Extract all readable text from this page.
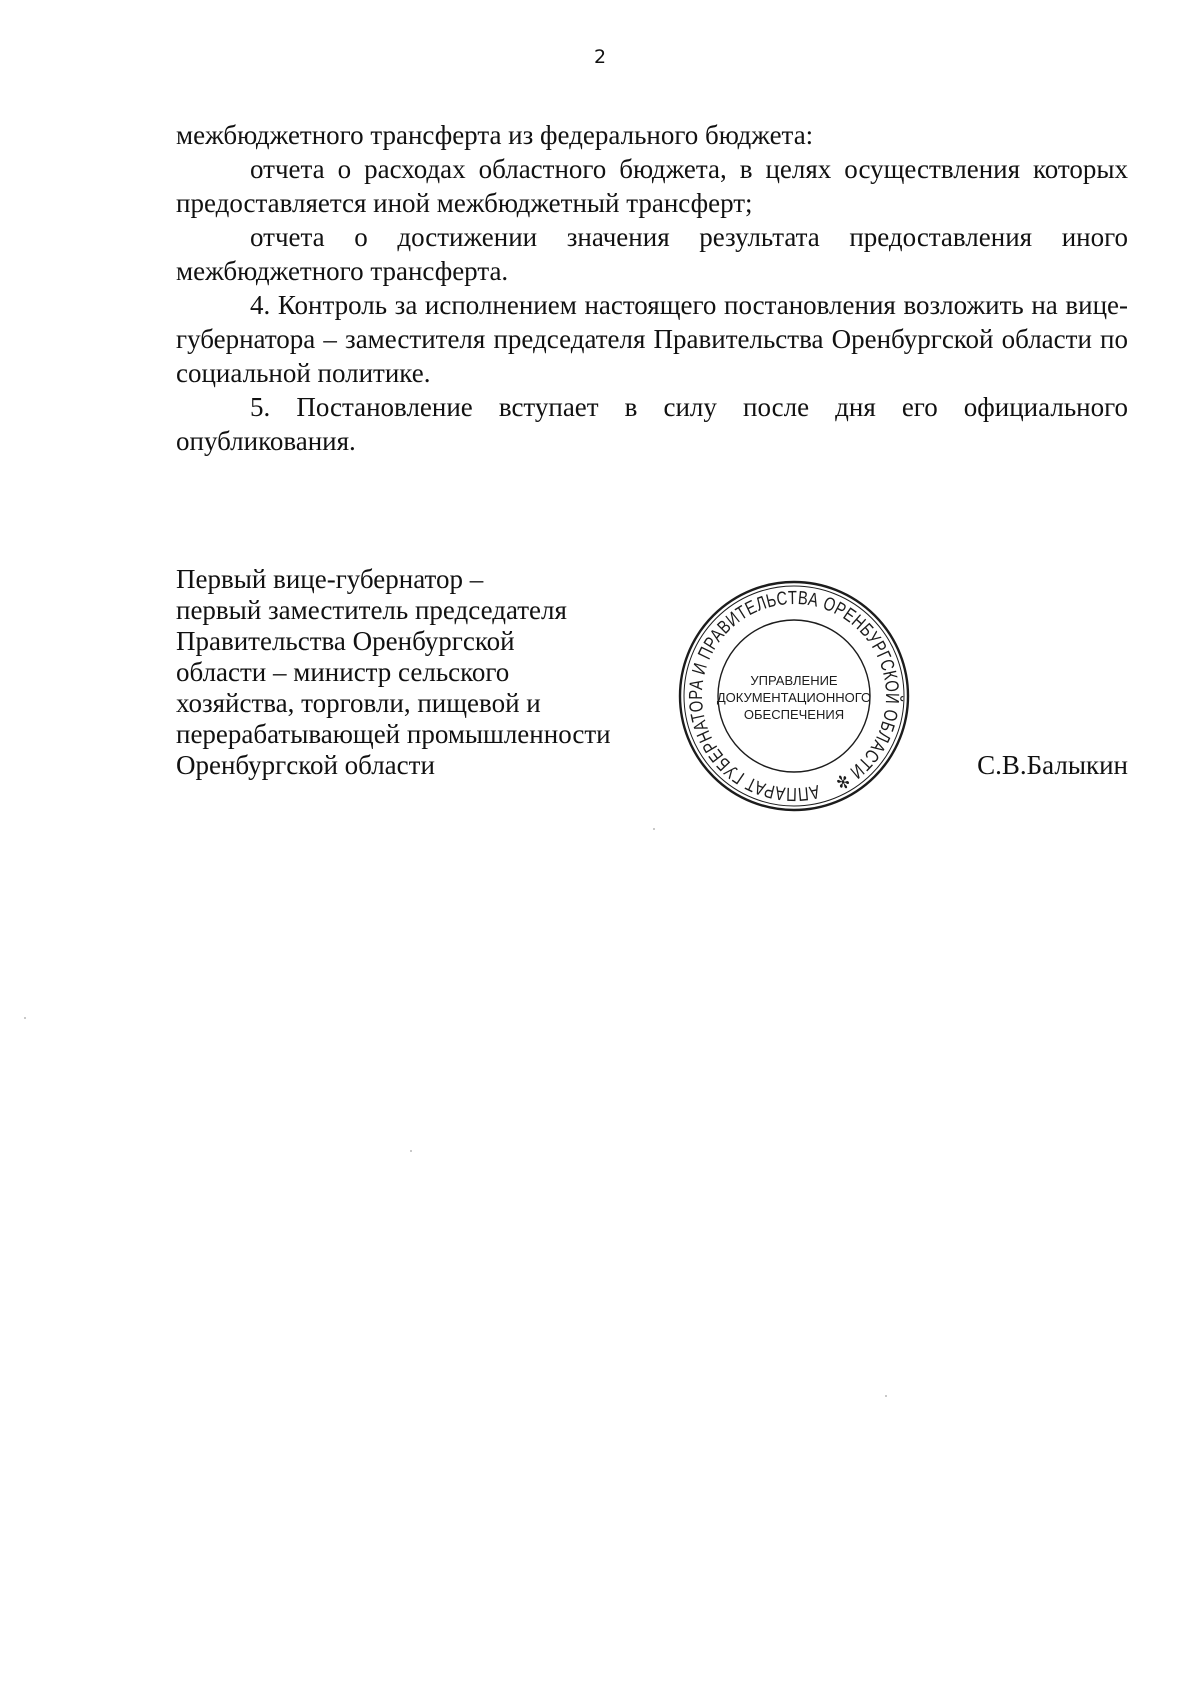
2

межбюджетного трансферта из федерального бюджета:

отчета о расходах областного бюджета, в целях осуществления которых предоставляется иной межбюджетный трансферт;

отчета о достижении значения результата предоставления иного межбюджетного трансферта.

4. Контроль за исполнением настоящего постановления возложить на вице-губернатора – заместителя председателя Правительства Оренбургской области по социальной политике.

5. Постановление вступает в силу после дня его официального опубликования.

Первый вице-губернатор –
первый заместитель председателя
Правительства Оренбургской
области – министр сельского
хозяйства, торговли, пищевой и
перерабатывающей промышленности
Оренбургской области
АППАРАТ ГУБЕРНАТОРА И ПРАВИТЕЛЬСТВА ОРЕНБУРГСКОЙ ОБЛАСТИ ✻
УПРАВЛЕНИЕ
ДОКУМЕНТАЦИОННОГО
ОБЕСПЕЧЕНИЯ
С.В.Балыкин
